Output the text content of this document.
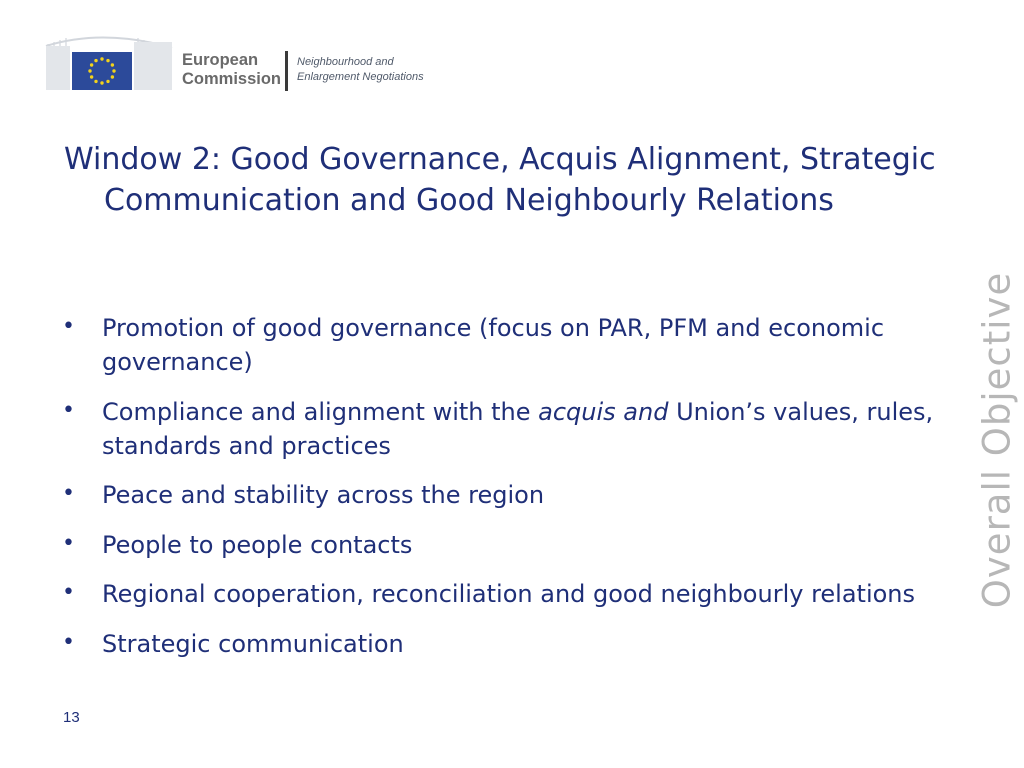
European
Commission
Neighbourhood and
Enlargement Negotiations
Window 2: Good Governance, Acquis Alignment, Strategic Communication and Good Neighbourly Relations
• Promotion of good governance (focus on PAR, PFM and economic governance)
• Compliance and alignment with the acquis and Union’s values, rules, standards and practices
• Peace and stability across the region
• People to people contacts
• Regional cooperation, reconciliation and good neighbourly relations
• Strategic communication
Overall Objective
13
